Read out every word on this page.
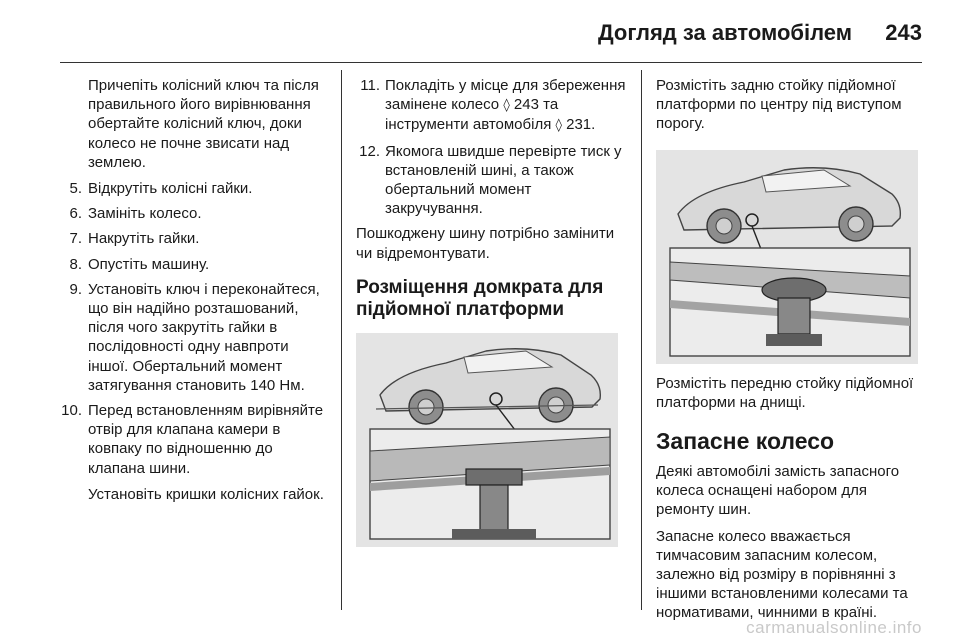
Догляд за автомобілем 243

Причепіть колісний ключ та після правильного його вирівнювання обертайте колісний ключ, доки колесо не почне звисати над землею.

5. Відкрутіть колісні гайки.
6. Замініть колесо.
7. Накрутіть гайки.
8. Опустіть машину.
9. Установіть ключ і переконайтеся, що він надійно розташований, після чого закрутіть гайки в послідовності одну навпроти іншої. Обертальний момент затягування становить 140 Нм.
10. Перед встановленням вирівняйте отвір для клапана камери в ковпаку по відношенню до клапана шини.

Установіть кришки колісних гайок.

11. Покладіть у місце для збереження замінене колесо ◊ 243 та інструменти автомобіля ◊ 231.
12. Якомога швидше перевірте тиск у встановленій шині, а також обертальний момент закручування.

Пошкоджену шину потрібно замінити чи відремонтувати.

Розміщення домкрата для підйомної платформи

Розмістіть задню стойку підйомної платформи по центру під виступом порогу.

Розмістіть передню стойку підйомної платформи на днищі.

Запасне колесо

Деякі автомобілі замість запасного колеса оснащені набором для ремонту шин.

Запасне колесо вважається тимчасовим запасним колесом, залежно від розміру в порівнянні з іншими встановленими колесами та нормативами, чинними в країні.

carmanualsonline.info
